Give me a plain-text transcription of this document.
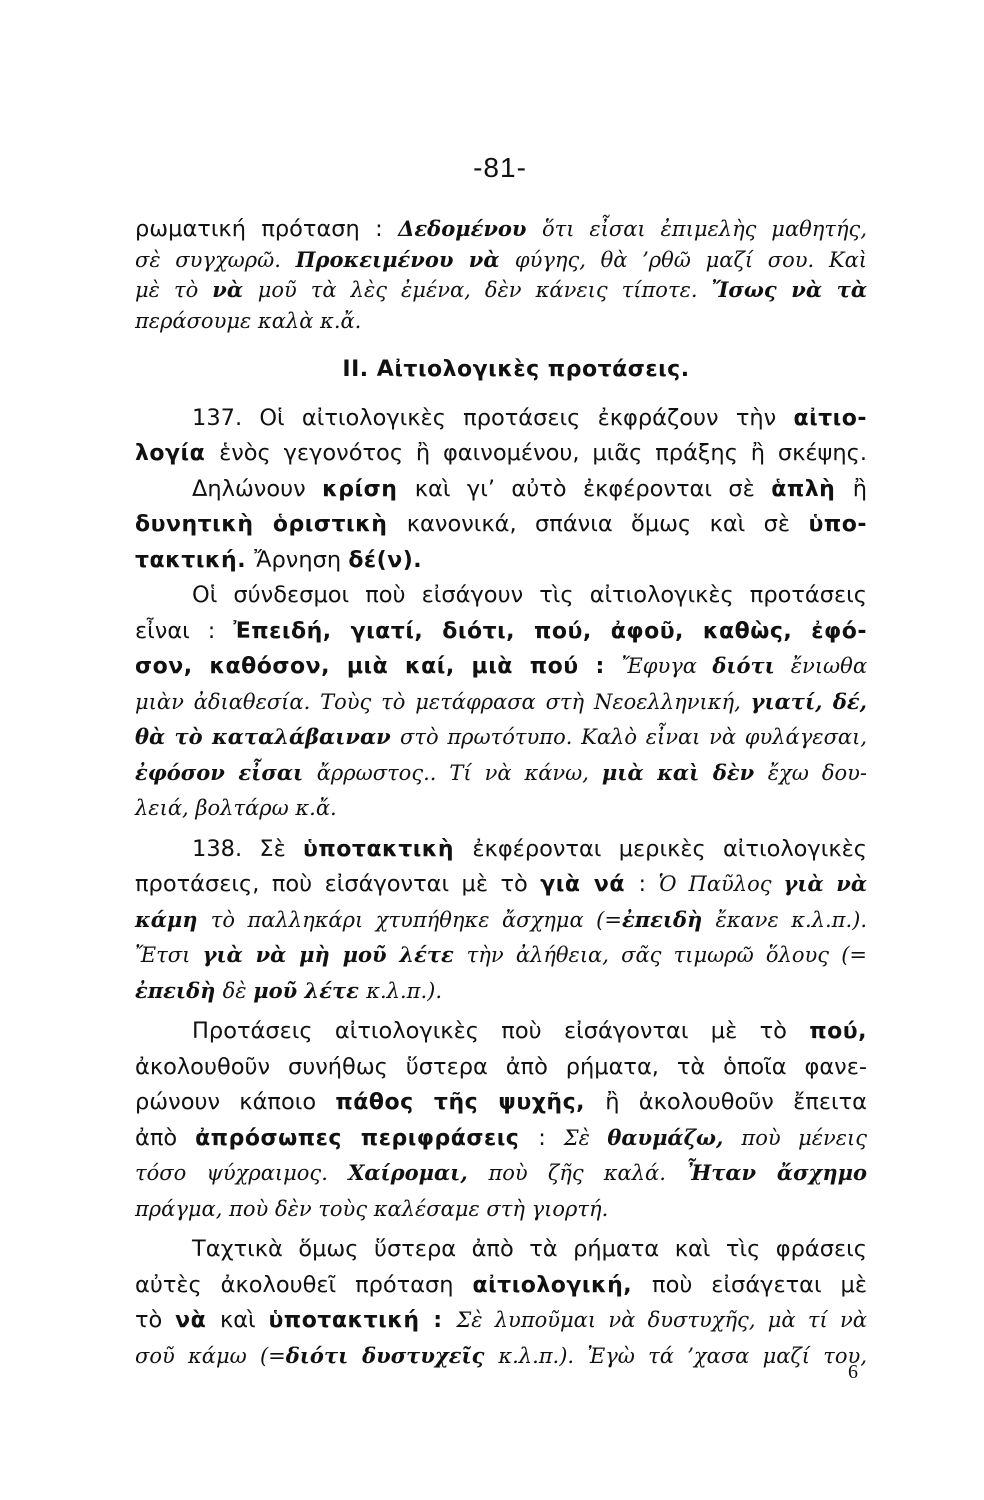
-81-

ρωματική πρόταση : Δεδομένου ὅτι εἶσαι ἐπιμελὴς μαθητής,

σὲ συγχωρῶ. Προκειμένου νὰ φύγης, θὰ ’ρθῶ μαζί σου. Καὶ

μὲ τὸ νὰ μοῦ τὰ λὲς ἐμένα, δὲν κάνεις τίποτε. Ἴσως νὰ τὰ

περάσουμε καλὰ κ.ἄ.

II. Αἰτιολογικὲς προτάσεις.

137. Οἱ αἰτιολογικὲς προτάσεις ἐκφράζουν τὴν αἰτιο-

λογία ἑνὸς γεγονότος ἢ φαινομένου, μιᾶς πράξης ἢ σκέψης.

Δηλώνουν κρίση καὶ γι’ αὐτὸ ἐκφέρονται σὲ ἁπλὴ ἢ

δυνητικὴ ὁριστικὴ κανονικά, σπάνια ὅμως καὶ σὲ ὑπο-

τακτική. Ἄρνηση δέ(ν).

Οἱ σύνδεσμοι ποὺ εἰσάγουν τὶς αἰτιολογικὲς προτάσεις

εἶναι : Ἐπειδή, γιατί, διότι, πού, ἀφοῦ, καθὼς, ἐφό-

σον, καθόσον, μιὰ καί, μιὰ πού : Ἔφυγα διότι ἔνιωθα

μιὰν ἀδιαθεσία. Τοὺς τὸ μετάφρασα στὴ Νεοελληνική, γιατί, δέ,

θὰ τὸ καταλάβαιναν στὸ πρωτότυπο. Καλὸ εἶναι νὰ φυλάγεσαι,

ἐφόσον εἶσαι ἄρρωστος.. Τί νὰ κάνω, μιὰ καὶ δὲν ἔχω δου-

λειά, βολτάρω κ.ἄ.

138. Σὲ ὑποτακτικὴ ἐκφέρονται μερικὲς αἰτιολογικὲς

προτάσεις, ποὺ εἰσάγονται μὲ τὸ γιὰ νά : Ὁ Παῦλος γιὰ νὰ

κάμη τὸ παλληκάρι χτυπήθηκε ἄσχημα (=ἐπειδὴ ἔκανε κ.λ.π.).

Ἔτσι γιὰ νὰ μὴ μοῦ λέτε τὴν ἀλήθεια, σᾶς τιμωρῶ ὅλους (=

ἐπειδὴ δὲ μοῦ λέτε κ.λ.π.).

Προτάσεις αἰτιολογικὲς ποὺ εἰσάγονται μὲ τὸ πού,

ἀκολουθοῦν συνήθως ὕστερα ἀπὸ ρήματα, τὰ ὁποῖα φανε-

ρώνουν κάποιο πάθος τῆς ψυχῆς, ἢ ἀκολουθοῦν ἔπειτα

ἀπὸ ἀπρόσωπες περιφράσεις : Σὲ θαυμάζω, ποὺ μένεις

τόσο ψύχραιμος. Χαίρομαι, ποὺ ζῆς καλά. Ἦταν ἄσχημο

πράγμα, ποὺ δὲν τοὺς καλέσαμε στὴ γιορτή.

Ταχτικὰ ὅμως ὕστερα ἀπὸ τὰ ρήματα καὶ τὶς φράσεις

αὐτὲς ἀκολουθεῖ πρόταση αἰτιολογική, ποὺ εἰσάγεται μὲ

τὸ νὰ καὶ ὑποτακτική : Σὲ λυποῦμαι νὰ δυστυχῆς, μὰ τί νὰ

σοῦ κάμω (=διότι δυστυχεῖς κ.λ.π.). Ἐγὼ τά ’χασα μαζί του,

6
